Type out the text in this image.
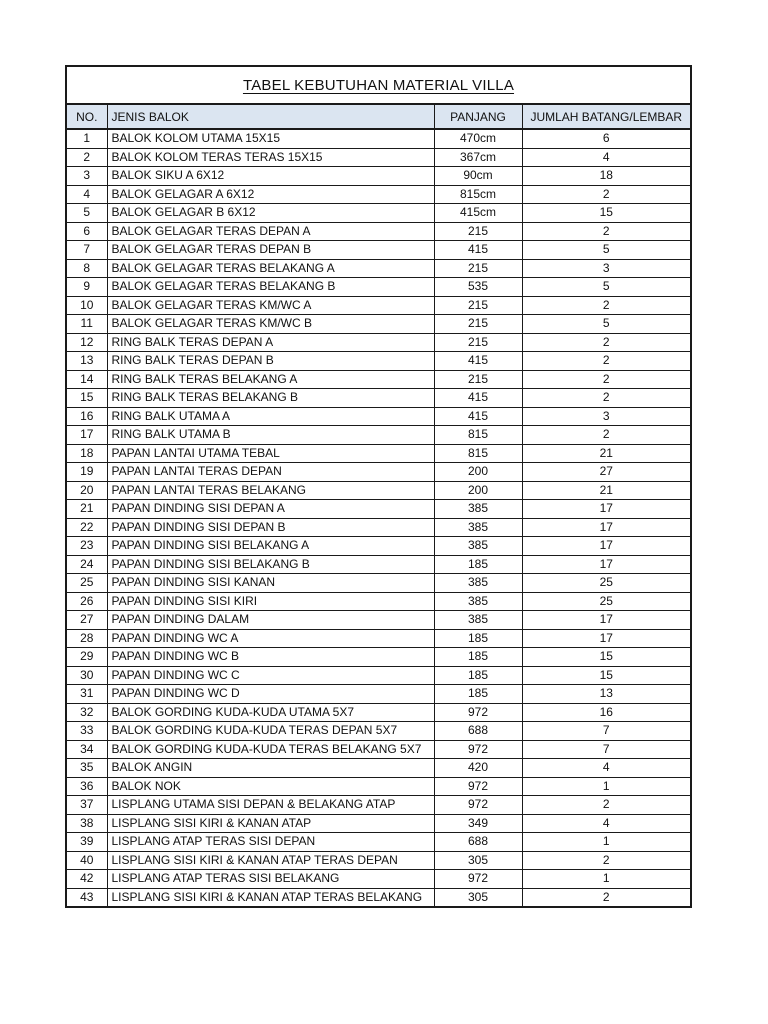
TABEL KEBUTUHAN MATERIAL VILLA
NO.	JENIS BALOK	PANJANG	JUMLAH BATANG/LEMBAR
1	BALOK KOLOM UTAMA 15X15	470cm	6
2	BALOK KOLOM TERAS TERAS 15X15	367cm	4
3	BALOK SIKU A 6X12	90cm	18
4	BALOK GELAGAR A 6X12	815cm	2
5	BALOK GELAGAR B 6X12	415cm	15
6	BALOK GELAGAR TERAS DEPAN A	215	2
7	BALOK GELAGAR TERAS DEPAN B	415	5
8	BALOK GELAGAR TERAS BELAKANG A	215	3
9	BALOK GELAGAR TERAS BELAKANG B	535	5
10	BALOK GELAGAR TERAS KM/WC A	215	2
11	BALOK GELAGAR TERAS KM/WC B	215	5
12	RING BALK TERAS DEPAN A	215	2
13	RING BALK TERAS DEPAN B	415	2
14	RING BALK TERAS BELAKANG A	215	2
15	RING BALK TERAS BELAKANG B	415	2
16	RING BALK UTAMA A	415	3
17	RING BALK UTAMA B	815	2
18	PAPAN LANTAI UTAMA TEBAL	815	21
19	PAPAN LANTAI TERAS DEPAN	200	27
20	PAPAN LANTAI TERAS BELAKANG	200	21
21	PAPAN DINDING SISI DEPAN A	385	17
22	PAPAN DINDING SISI DEPAN B	385	17
23	PAPAN DINDING SISI BELAKANG A	385	17
24	PAPAN DINDING SISI BELAKANG B	185	17
25	PAPAN DINDING SISI KANAN	385	25
26	PAPAN DINDING SISI KIRI	385	25
27	PAPAN DINDING DALAM	385	17
28	PAPAN DINDING WC A	185	17
29	PAPAN DINDING WC B	185	15
30	PAPAN DINDING WC C	185	15
31	PAPAN DINDING WC D	185	13
32	BALOK GORDING KUDA-KUDA UTAMA 5X7	972	16
33	BALOK GORDING KUDA-KUDA TERAS DEPAN 5X7	688	7
34	BALOK GORDING KUDA-KUDA TERAS BELAKANG 5X7	972	7
35	BALOK ANGIN	420	4
36	BALOK NOK	972	1
37	LISPLANG UTAMA SISI DEPAN & BELAKANG ATAP	972	2
38	LISPLANG SISI KIRI & KANAN ATAP	349	4
39	LISPLANG ATAP TERAS SISI DEPAN	688	1
40	LISPLANG SISI KIRI & KANAN ATAP TERAS DEPAN	305	2
42	LISPLANG ATAP TERAS SISI BELAKANG	972	1
43	LISPLANG SISI KIRI & KANAN ATAP TERAS BELAKANG	305	2
